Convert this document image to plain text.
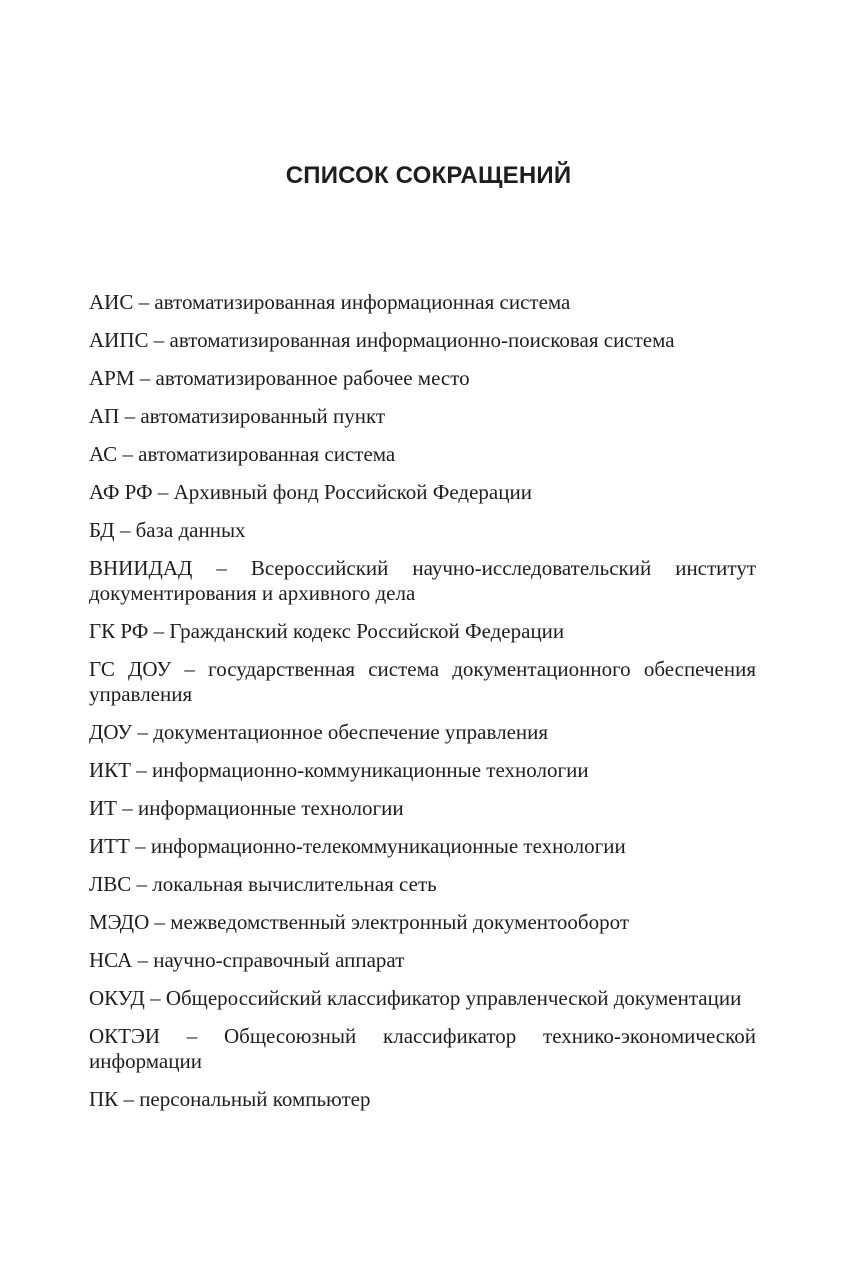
СПИСОК СОКРАЩЕНИЙ
АИС – автоматизированная информационная система
АИПС – автоматизированная информационно-поисковая система
АРМ – автоматизированное рабочее место
АП – автоматизированный пункт
АС – автоматизированная система
АФ РФ – Архивный фонд Российской Федерации
БД – база данных
ВНИИДАД – Всероссийский научно-исследовательский институт документирования и архивного дела
ГК РФ – Гражданский кодекс Российской Федерации
ГС ДОУ – государственная система документационного обеспечения управления
ДОУ – документационное обеспечение управления
ИКТ – информационно-коммуникационные технологии
ИТ – информационные технологии
ИТТ – информационно-телекоммуникационные технологии
ЛВС – локальная вычислительная сеть
МЭДО – межведомственный электронный документооборот
НСА – научно-справочный аппарат
ОКУД – Общероссийский классификатор управленческой документации
ОКТЭИ – Общесоюзный классификатор технико-экономической информации
ПК – персональный компьютер
